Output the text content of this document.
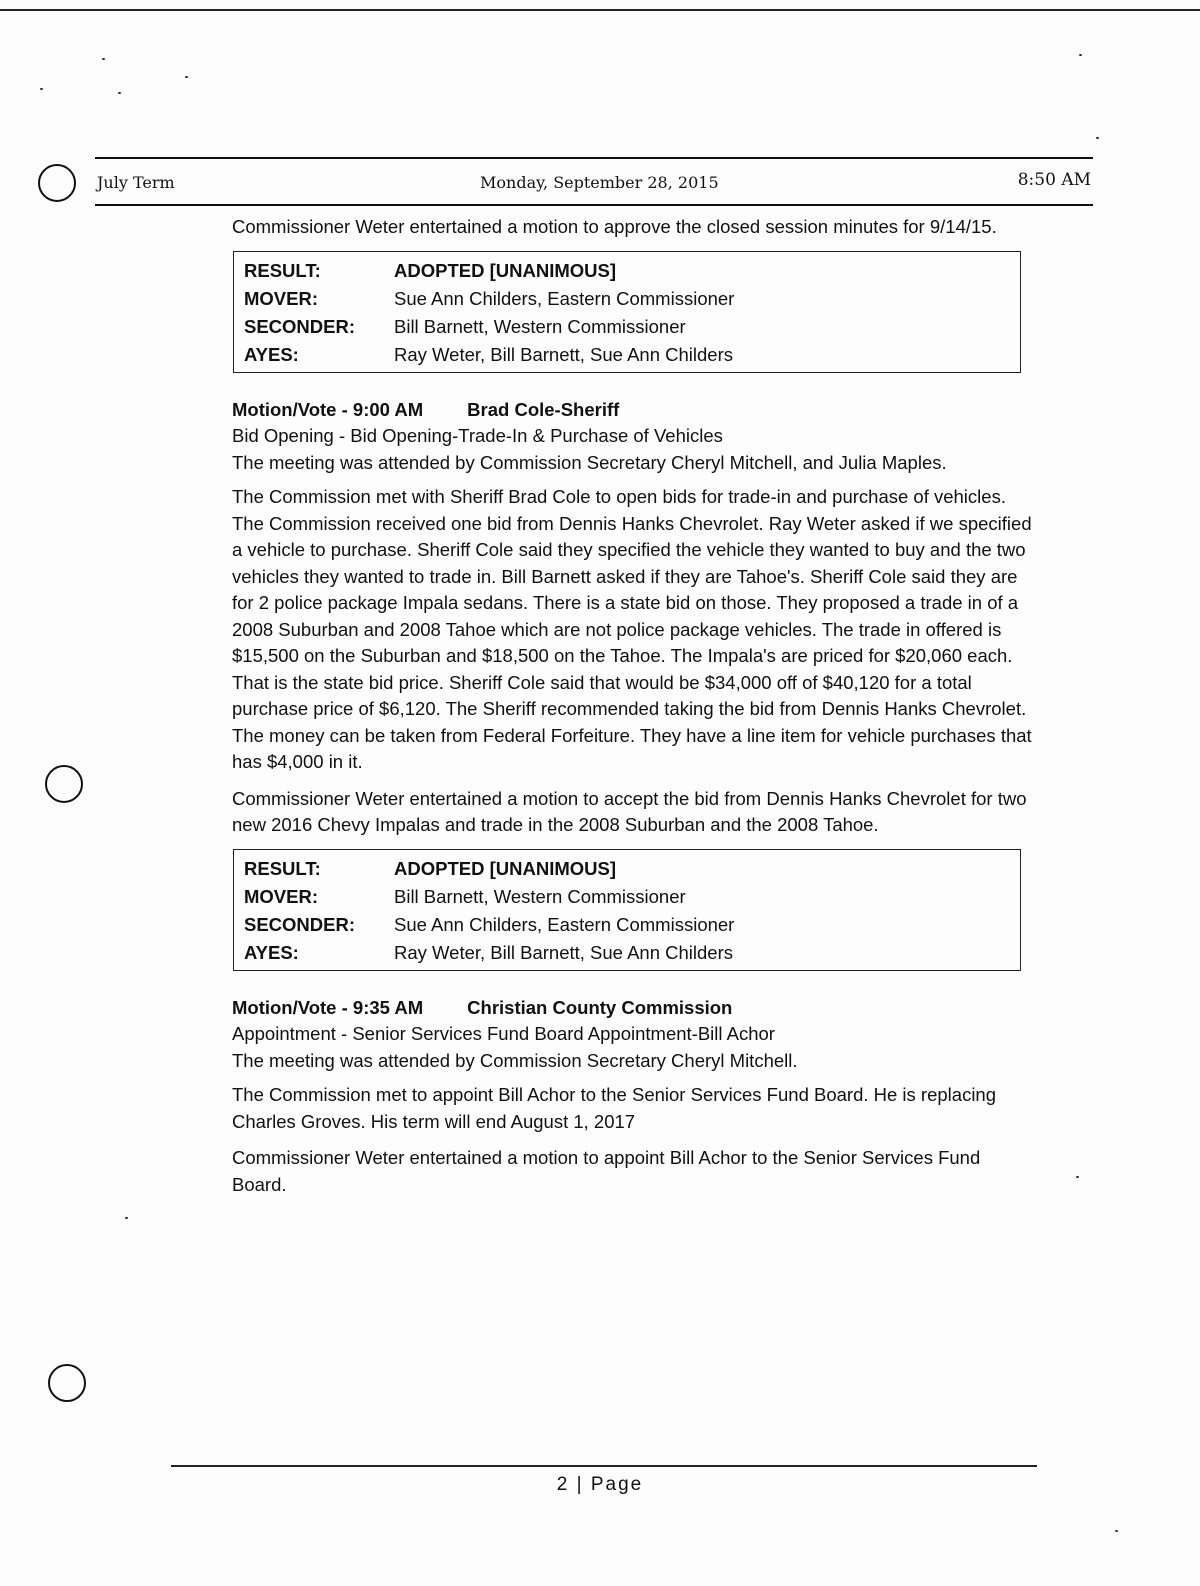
July Term	Monday, September 28, 2015	8:50 AM

Commissioner Weter entertained a motion to approve the closed session minutes for 9/14/15.

RESULT:	ADOPTED [UNANIMOUS]
MOVER:	Sue Ann Childers, Eastern Commissioner
SECONDER:	Bill Barnett, Western Commissioner
AYES:	Ray Weter, Bill Barnett, Sue Ann Childers
Motion/Vote - 9:00 AM Brad Cole-Sheriff
Bid Opening - Bid Opening-Trade-In & Purchase of Vehicles
The meeting was attended by Commission Secretary Cheryl Mitchell, and Julia Maples.

The Commission met with Sheriff Brad Cole to open bids for trade-in and purchase of vehicles. The Commission received one bid from Dennis Hanks Chevrolet. Ray Weter asked if we specified a vehicle to purchase. Sheriff Cole said they specified the vehicle they wanted to buy and the two vehicles they wanted to trade in. Bill Barnett asked if they are Tahoe's. Sheriff Cole said they are for 2 police package Impala sedans. There is a state bid on those. They proposed a trade in of a 2008 Suburban and 2008 Tahoe which are not police package vehicles. The trade in offered is $15,500 on the Suburban and $18,500 on the Tahoe. The Impala's are priced for $20,060 each. That is the state bid price. Sheriff Cole said that would be $34,000 off of $40,120 for a total purchase price of $6,120. The Sheriff recommended taking the bid from Dennis Hanks Chevrolet. The money can be taken from Federal Forfeiture. They have a line item for vehicle purchases that has $4,000 in it.

Commissioner Weter entertained a motion to accept the bid from Dennis Hanks Chevrolet for two new 2016 Chevy Impalas and trade in the 2008 Suburban and the 2008 Tahoe.

RESULT:	ADOPTED [UNANIMOUS]
MOVER:	Bill Barnett, Western Commissioner
SECONDER:	Sue Ann Childers, Eastern Commissioner
AYES:	Ray Weter, Bill Barnett, Sue Ann Childers
Motion/Vote - 9:35 AM Christian County Commission
Appointment - Senior Services Fund Board Appointment-Bill Achor
The meeting was attended by Commission Secretary Cheryl Mitchell.

The Commission met to appoint Bill Achor to the Senior Services Fund Board. He is replacing Charles Groves. His term will end August 1, 2017

Commissioner Weter entertained a motion to appoint Bill Achor to the Senior Services Fund Board.

2 | Page
